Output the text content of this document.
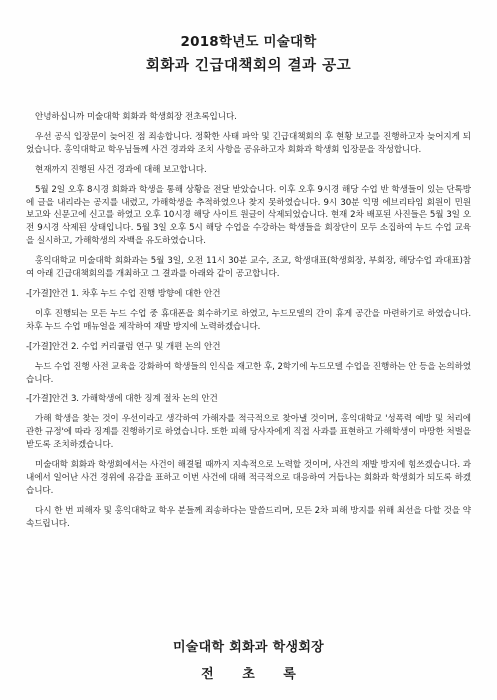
2018학년도 미술대학
회화과 긴급대책회의 결과 공고

안녕하십니까 미술대학 회화과 학생회장 전초록입니다.

우선 공식 입장문이 늦어진 점 죄송합니다. 정확한 사태 파악 및 긴급대책회의 후 현황 보고를 진행하고자 늦어지게 되었습니다. 홍익대학교 학우님들께 사건 경과와 조치 사항을 공유하고자 회화과 학생회 입장문을 작성합니다.

현재까지 진행된 사건 경과에 대해 보고합니다.

5월 2일 오후 8시경 회화과 학생을 통해 상황을 전달 받았습니다. 이후 오후 9시경 해당 수업 반 학생들이 있는 단톡방에 글을 내리라는 공지를 내렸고, 가해학생을 추적하였으나 찾지 못하였습니다. 9시 30분 익명 에브리타임 회원이 민원 보고와 신문고에 신고를 하였고 오후 10시경 해당 사이트 원글이 삭제되었습니다. 현재 2차 배포된 사진들은 5월 3일 오전 9시경 삭제된 상태입니다. 5월 3일 오후 5시 해당 수업을 수강하는 학생들을 회장단이 모두 소집하여 누드 수업 교육을 실시하고, 가해학생의 자백을 유도하였습니다.

홍익대학교 미술대학 회화과는 5월 3일, 오전 11시 30분 교수, 조교, 학생대표(학생회장, 부회장, 해당수업 과대표)참여 아래 긴급대책회의를 개최하고 그 결과를 아래와 같이 공고합니다.

-[가결]안건 1. 차후 누드 수업 진행 방향에 대한 안건

이후 진행되는 모든 누드 수업 중 휴대폰을 회수하기로 하였고, 누드모델의 간이 휴게 공간을 마련하기로 하였습니다. 차후 누드 수업 매뉴얼을 제작하여 재발 방지에 노력하겠습니다.

-[가결]안건 2. 수업 커리큘럼 연구 및 개편 논의 안건

누드 수업 진행 사전 교육을 강화하여 학생들의 인식을 재고한 후, 2학기에 누드모델 수업을 진행하는 안 등을 논의하였습니다.

-[가결]안건 3. 가해학생에 대한 징계 절차 논의 안건

가해 학생을 찾는 것이 우선이라고 생각하여 가해자를 적극적으로 찾아낼 것이며, 홍익대학교 '성폭력 예방 및 처리에 관한 규정'에 따라 징계를 진행하기로 하였습니다. 또한 피해 당사자에게 직접 사과를 표현하고 가해학생이 마땅한 처벌을 받도록 조치하겠습니다.

미술대학 회화과 학생회에서는 사건이 해결될 때까지 지속적으로 노력할 것이며, 사건의 재발 방지에 힘쓰겠습니다. 과내에서 일어난 사건 경위에 유감을 표하고 이번 사건에 대해 적극적으로 대응하여 거듭나는 회화과 학생회가 되도록 하겠습니다.

다시 한 번 피해자 및 홍익대학교 학우 분들께 죄송하다는 말씀드리며, 모든 2차 피해 방지를 위해 최선을 다할 것을 약속드립니다.

미술대학 회화과 학생회장
전 초 록
